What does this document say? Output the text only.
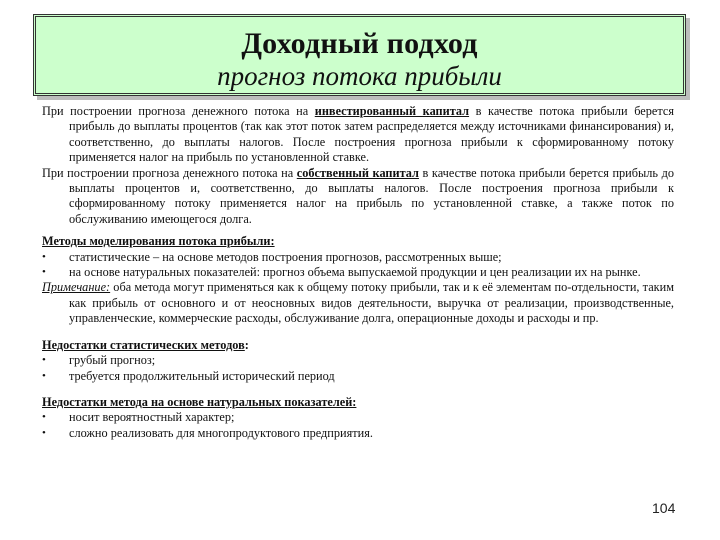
Доходный подход
прогноз потока прибыли
При построении прогноза денежного потока на инвестированный капитал в качестве потока прибыли берется прибыль до выплаты процентов (так как этот поток затем распределяется между источниками финансирования) и, соответственно, до выплаты налогов. После построения прогноза прибыли к сформированному потоку применяется налог на прибыль по установленной ставке.
При построении прогноза денежного потока на собственный капитал в качестве потока прибыли берется прибыль до выплаты процентов и, соответственно, до выплаты налогов. После построения прогноза прибыли к сформированному потоку применяется налог на прибыль по установленной ставке, а также поток по обслуживанию имеющегося долга.
Методы моделирования потока прибыли:
•	статистические – на основе методов построения прогнозов, рассмотренных выше;
•	на основе натуральных показателей: прогноз объема выпускаемой продукции и цен реализации их на рынке.
Примечание: оба метода могут применяться как к общему потоку прибыли, так и к её элементам по-отдельности, таким как прибыль от основного и от неосновных видов деятельности, выручка от реализации, производственные, управленческие, коммерческие расходы, обслуживание долга, операционные доходы и расходы и пр.
Недостатки статистических методов:
•	грубый прогноз;
•	требуется продолжительный исторический период
Недостатки метода на основе натуральных показателей:
•	носит вероятностный характер;
•	сложно реализовать для многопродуктового предприятия.
104
